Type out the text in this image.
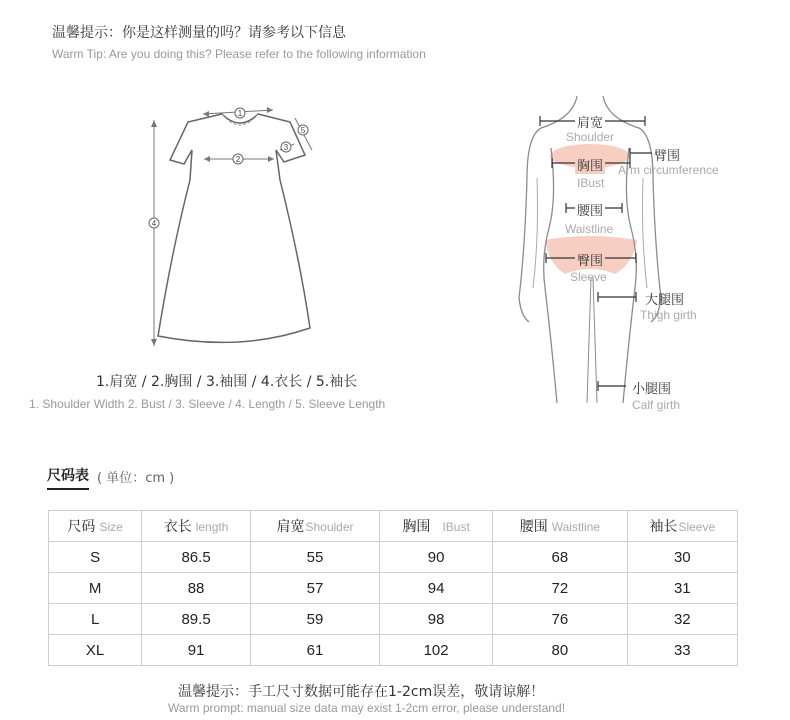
温馨提示：你是这样测量的吗？请参考以下信息
Warm Tip: Are you doing this? Please refer to the following information
1
2
3
5
4
1.肩宽 / 2.胸围 / 3.袖围 / 4.衣长 / 5.袖长
1. Shoulder Width 2. Bust / 3. Sleeve / 4. Length / 5. Sleeve Length
肩宽
Shoulder
胸围
IBust
臂围
Arm circumference
腰围
Waistline
臀围
Sleeve
大腿围
Thigh girth
小腿围
Calf girth
尺码表 ( 单位：cm )
尺码 Size	衣长 length	肩宽Shoulder	胸围 IBust	腰围 Waistline	袖长Sleeve
S	86.5	55	90	68	30
M	88	57	94	72	31
L	89.5	59	98	76	32
XL	91	61	102	80	33
温馨提示：手工尺寸数据可能存在1-2cm误差，敬请谅解！
Warm prompt: manual size data may exist 1-2cm error, please understand!
